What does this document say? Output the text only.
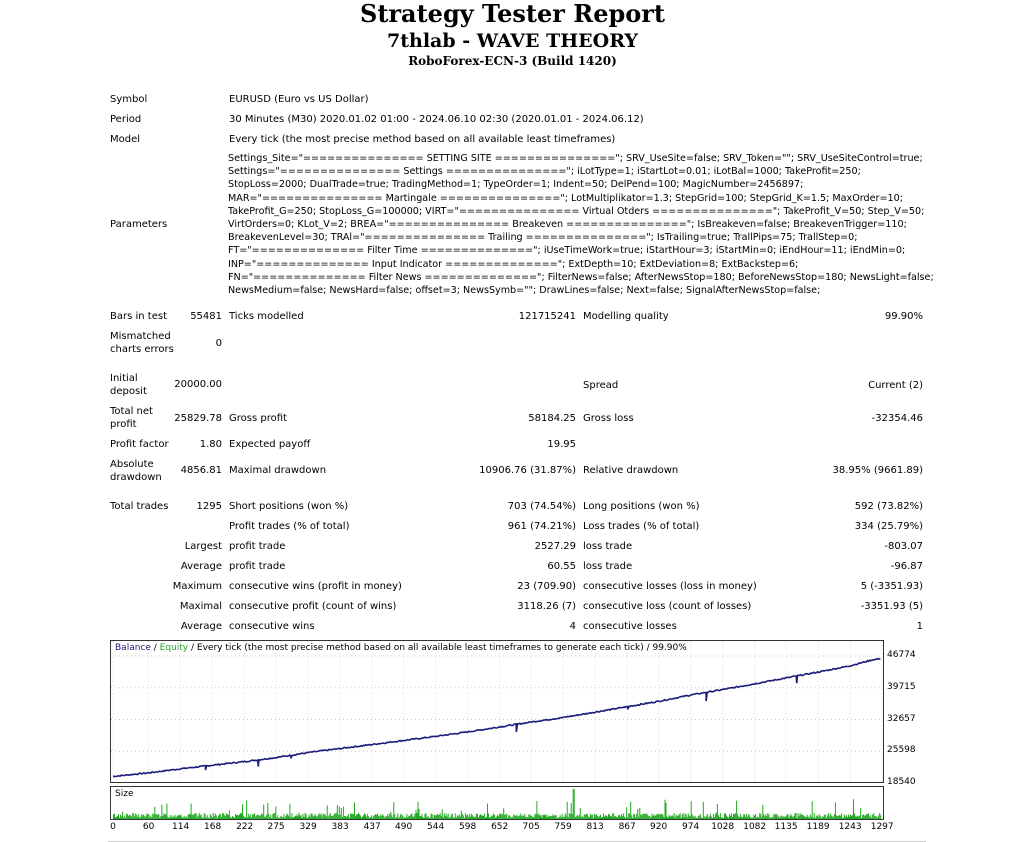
Strategy Tester Report
7thlab - WAVE THEORY
RoboForex-ECN-3 (Build 1420)
Symbol	EURUSD (Euro vs US Dollar)
Period	30 Minutes (M30) 2020.01.02 01:00 - 2024.06.10 02:30 (2020.01.01 - 2024.06.12)
Model	Every tick (the most precise method based on all available least timeframes)
Parameters
Settings_Site="=============== SETTING SITE ==============="; SRV_UseSite=false; SRV_Token=""; SRV_UseSiteControl=true;
Settings="=============== Settings ==============="; iLotType=1; iStartLot=0.01; iLotBal=1000; TakeProfit=250;
StopLoss=2000; DualTrade=true; TradingMethod=1; TypeOrder=1; Indent=50; DelPend=100; MagicNumber=2456897;
MAR="=============== Martingale ==============="; LotMultiplikator=1.3; StepGrid=100; StepGrid_K=1.5; MaxOrder=10;
TakeProfit_G=250; StopLoss_G=100000; VIRT="=============== Virtual Otders ==============="; TakeProfit_V=50; Step_V=50;
VirtOrders=0; KLot_V=2; BREA="=============== Breakeven ==============="; IsBreakeven=false; BreakevenTrigger=110;
BreakevenLevel=30; TRAl="=============== Trailing ==============="; IsTrailing=true; TrallPips=75; TrallStep=0;
FT="============== Filter Time =============="; iUseTimeWork=true; iStartHour=3; iStartMin=0; iEndHour=11; iEndMin=0;
INP="============== Input Indicator =============="; ExtDepth=10; ExtDeviation=8; ExtBackstep=6;
FN="============== Filter News =============="; FilterNews=false; AfterNewsStop=180; BeforeNewsStop=180; NewsLight=false;
NewsMedium=false; NewsHard=false; offset=3; NewsSymb=""; DrawLines=false; Next=false; SignalAfterNewsStop=false;
Bars in test	55481 Ticks modelled	121715241 Modelling quality	99.90%
Mismatched
charts errors
0
Initial
deposit
20000.00	Spread	Current (2)
Total net
profit
25829.78 Gross profit	58184.25 Gross loss	-32354.46
Profit factor	1.80 Expected payoff	19.95
Absolute
drawdown
4856.81 Maximal drawdown	10906.76 (31.87%) Relative drawdown	38.95% (9661.89)
Total trades	1295 Short positions (won %)	703 (74.54%) Long positions (won %)	592 (73.82%)
Profit trades (% of total)	961 (74.21%) Loss trades (% of total)	334 (25.79%)
Largest profit trade	2527.29 loss trade	-803.07
Average profit trade	60.55 loss trade	-96.87
Maximum consecutive wins (profit in money)	23 (709.90) consecutive losses (loss in money)	5 (-3351.93)
Maximal consecutive profit (count of wins)	3118.26 (7) consecutive loss (count of losses)	-3351.93 (5)
Average consecutive wins	4 consecutive losses	1
Balance / Equity / Every tick (the most precise method based on all available least timeframes to generate each tick) / 99.90%
46774
39715
32657
25598
18540
Size
0	60 114 168 222 275 329 383 437 490 544 598 652 705 759 813 867 920 974 1028 1082 1135 1189 1243 1297
